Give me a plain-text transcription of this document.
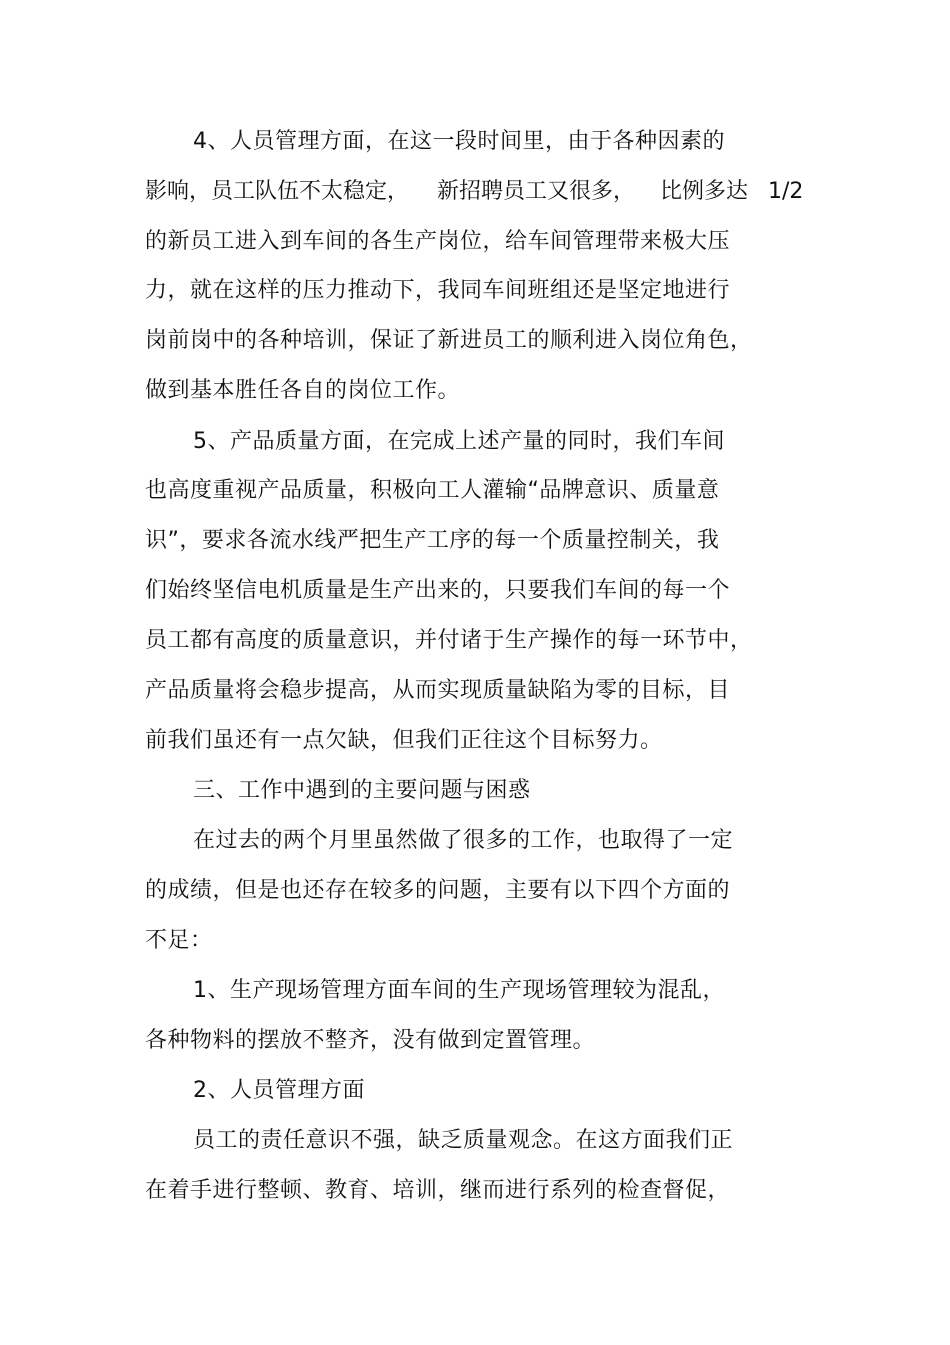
4、人员管理方面，在这一段时间里，由于各种因素的
影响，员工队伍不太稳定， 新招聘员工又很多， 比例多达 1/2
的新员工进入到车间的各生产岗位，给车间管理带来极大压
力，就在这样的压力推动下，我同车间班组还是坚定地进行
岗前岗中的各种培训，保证了新进员工的顺利进入岗位角色，
做到基本胜任各自的岗位工作。
5、产品质量方面，在完成上述产量的同时，我们车间
也高度重视产品质量，积极向工人灌输“品牌意识、质量意
识”，要求各流水线严把生产工序的每一个质量控制关，我
们始终坚信电机质量是生产出来的，只要我们车间的每一个
员工都有高度的质量意识，并付诸于生产操作的每一环节中，
产品质量将会稳步提高，从而实现质量缺陷为零的目标，目
前我们虽还有一点欠缺，但我们正往这个目标努力。
三、工作中遇到的主要问题与困惑
在过去的两个月里虽然做了很多的工作，也取得了一定
的成绩，但是也还存在较多的问题，主要有以下四个方面的
不足：
1、生产现场管理方面车间的生产现场管理较为混乱，
各种物料的摆放不整齐，没有做到定置管理。
2、人员管理方面
员工的责任意识不强，缺乏质量观念。在这方面我们正
在着手进行整顿、教育、培训，继而进行系列的检查督促，
